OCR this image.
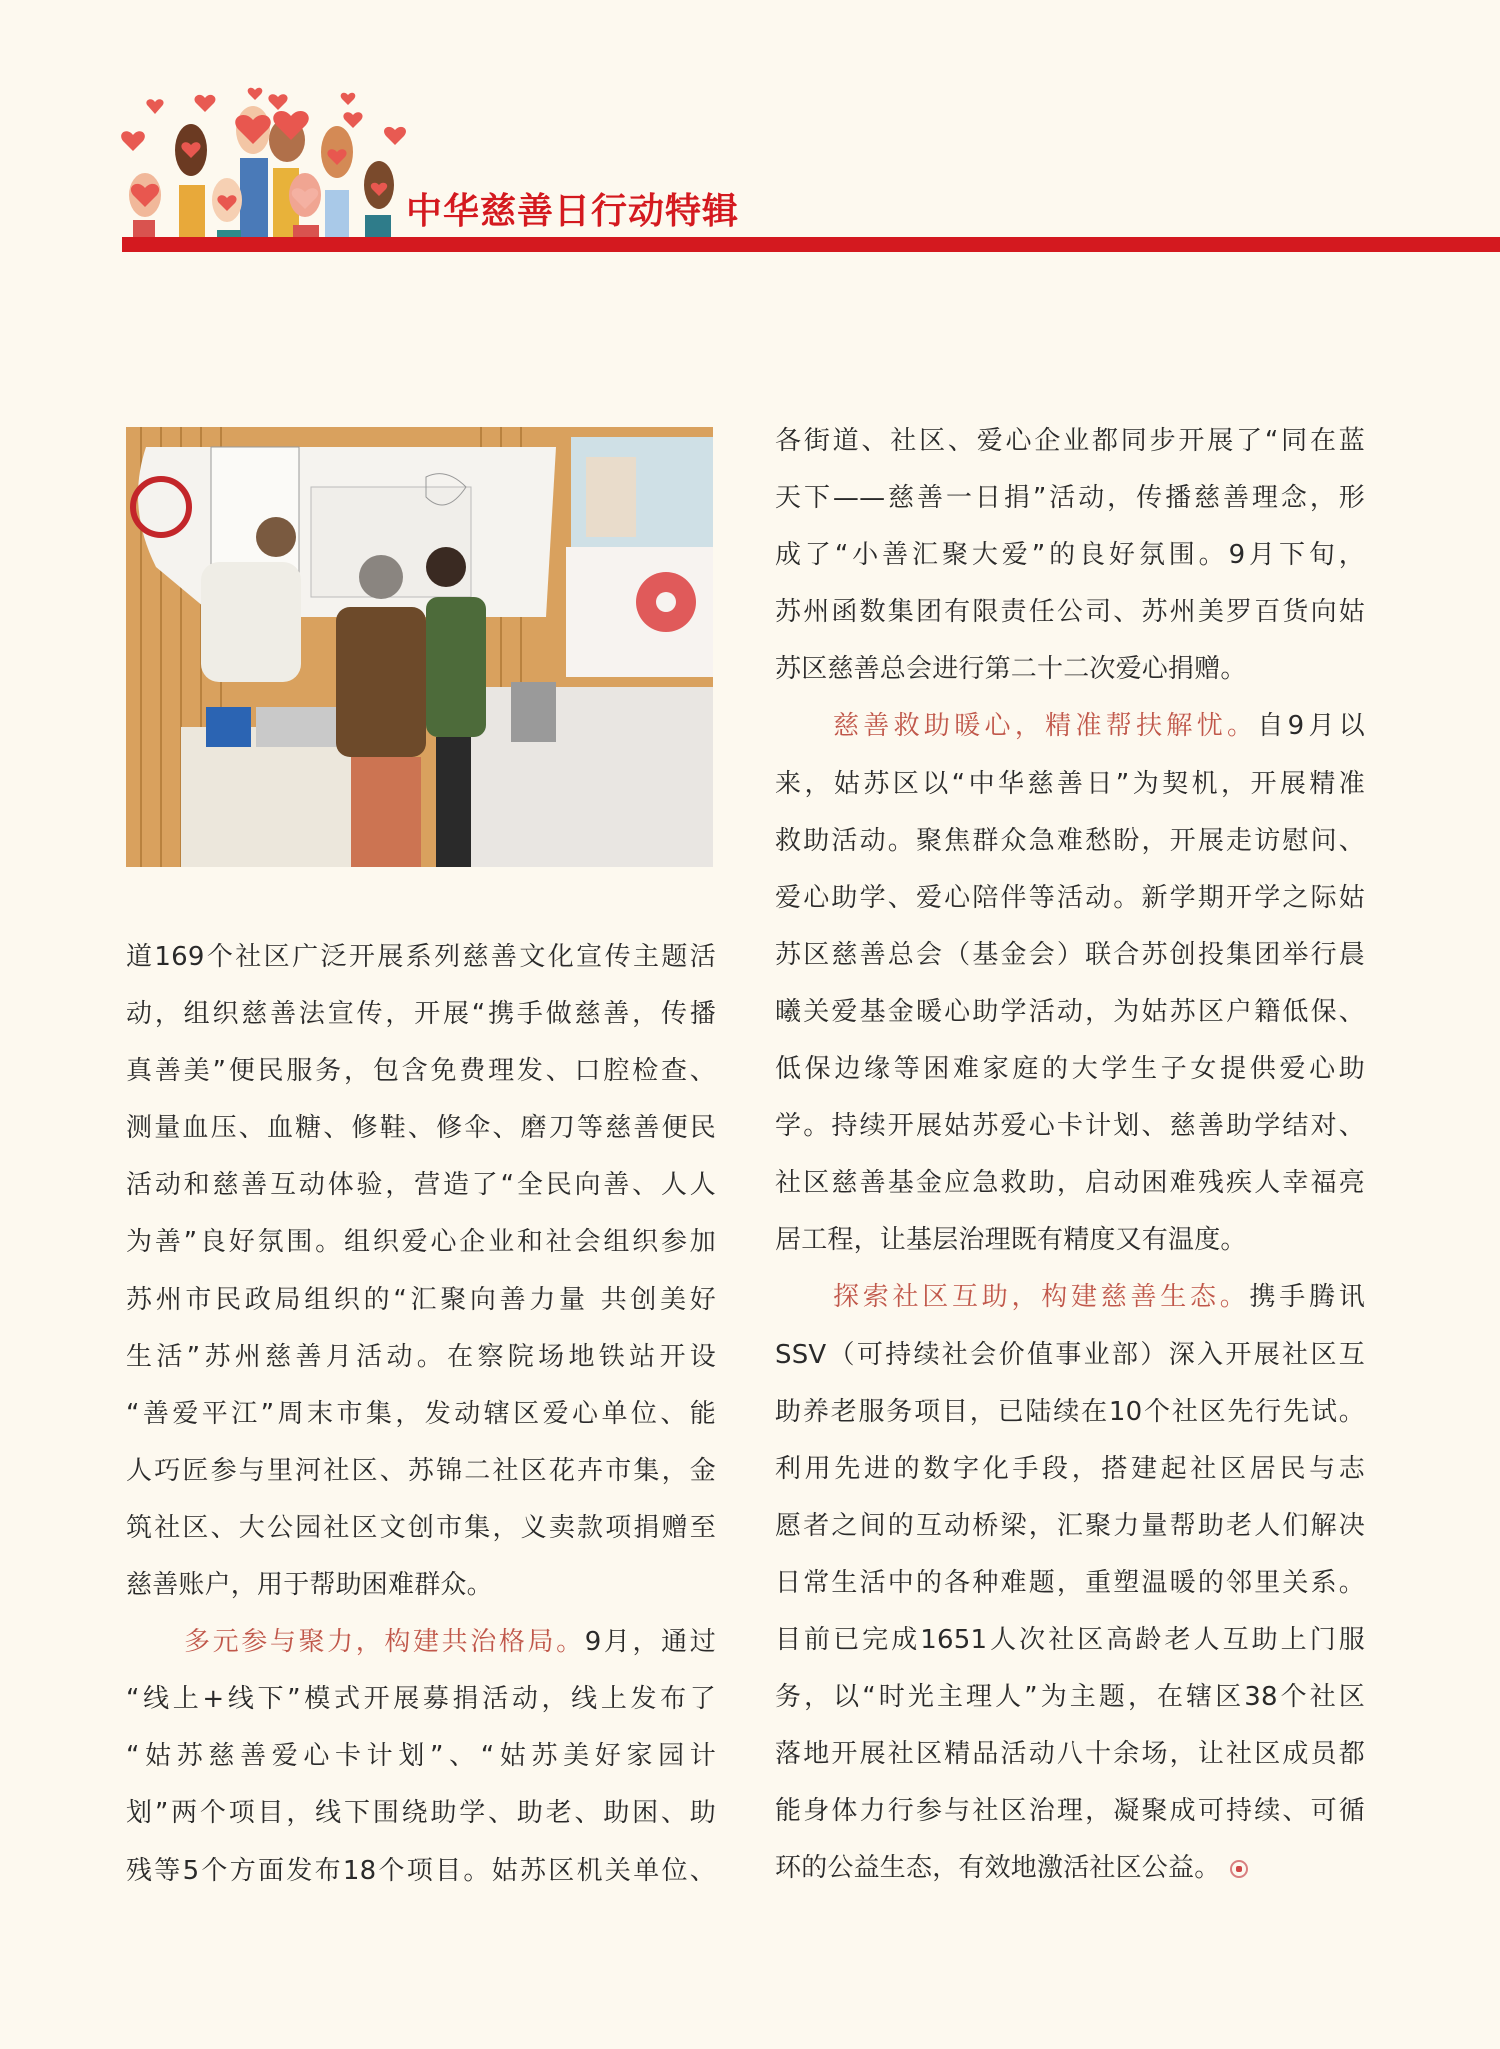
中华慈善日行动特辑
道169个社区广泛开展系列慈善文化宣传主题活
动，组织慈善法宣传，开展“携手做慈善，传播
真善美”便民服务，包含免费理发、口腔检查、
测量血压、血糖、修鞋、修伞、磨刀等慈善便民
活动和慈善互动体验，营造了“全民向善、人人
为善”良好氛围。组织爱心企业和社会组织参加
苏州市民政局组织的“汇聚向善力量 共创美好
生活”苏州慈善月活动。在察院场地铁站开设
“善爱平江”周末市集，发动辖区爱心单位、能
人巧匠参与里河社区、苏锦二社区花卉市集，金
筑社区、大公园社区文创市集，义卖款项捐赠至
慈善账户，用于帮助困难群众。
多元参与聚力，构建共治格局。9月，通过
“线上+线下”模式开展募捐活动，线上发布了
“姑苏慈善爱心卡计划”、“姑苏美好家园计
划”两个项目，线下围绕助学、助老、助困、助
残等5个方面发布18个项目。姑苏区机关单位、
各街道、社区、爱心企业都同步开展了“同在蓝
天下——慈善一日捐”活动，传播慈善理念，形
成了“小善汇聚大爱”的良好氛围。9月下旬，
苏州函数集团有限责任公司、苏州美罗百货向姑
苏区慈善总会进行第二十二次爱心捐赠。
慈善救助暖心，精准帮扶解忧。自9月以
来，姑苏区以“中华慈善日”为契机，开展精准
救助活动。聚焦群众急难愁盼，开展走访慰问、
爱心助学、爱心陪伴等活动。新学期开学之际姑
苏区慈善总会（基金会）联合苏创投集团举行晨
曦关爱基金暖心助学活动，为姑苏区户籍低保、
低保边缘等困难家庭的大学生子女提供爱心助
学。持续开展姑苏爱心卡计划、慈善助学结对、
社区慈善基金应急救助，启动困难残疾人幸福亮
居工程，让基层治理既有精度又有温度。
探索社区互助，构建慈善生态。携手腾讯
SSV（可持续社会价值事业部）深入开展社区互
助养老服务项目，已陆续在10个社区先行先试。
利用先进的数字化手段，搭建起社区居民与志
愿者之间的互动桥梁，汇聚力量帮助老人们解决
日常生活中的各种难题，重塑温暖的邻里关系。
目前已完成1651人次社区高龄老人互助上门服
务，以“时光主理人”为主题，在辖区38个社区
落地开展社区精品活动八十余场，让社区成员都
能身体力行参与社区治理，凝聚成可持续、可循
环的公益生态，有效地激活社区公益。
